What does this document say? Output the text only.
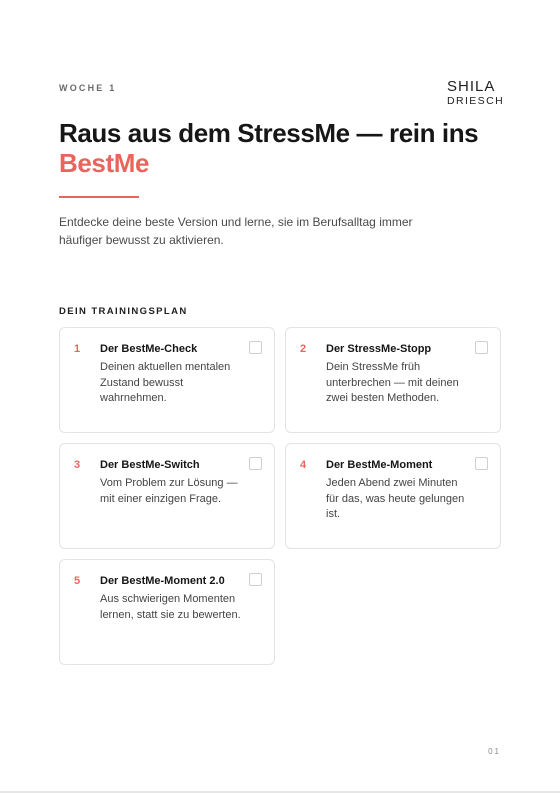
WOCHE 1	SHILA
DRIESCH
Raus aus dem StressMe — rein ins BestMe

Entdecke deine beste Version und lerne, sie im Berufsalltag immer häufiger bewusst zu aktivieren.

DEIN TRAININGSPLAN
1 Der BestMe-Check
Deinen aktuellen mentalen Zustand bewusst wahrnehmen.
2 Der StressMe-Stopp
Dein StressMe früh unterbrechen — mit deinen zwei besten Methoden.
3 Der BestMe-Switch
Vom Problem zur Lösung — mit einer einzigen Frage.
4 Der BestMe-Moment
Jeden Abend zwei Minuten für das, was heute gelungen ist.
5 Der BestMe-Moment 2.0
Aus schwierigen Momenten lernen, statt sie zu bewerten.
01
